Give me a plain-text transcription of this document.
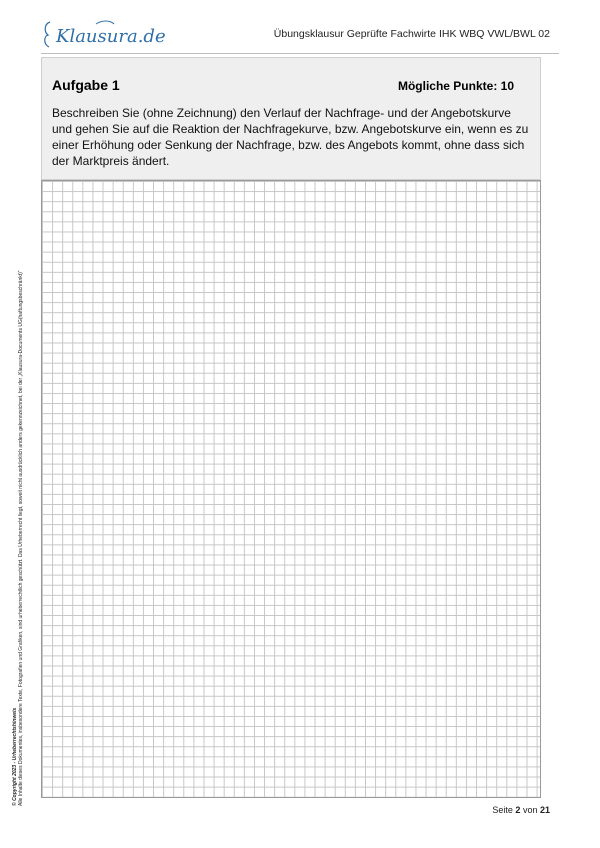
Klausura.de	Übungsklausur Geprüfte Fachwirte IHK WBQ VWL/BWL 02
Aufgabe 1	Mögliche Punkte: 10
Beschreiben Sie (ohne Zeichnung) den Verlauf der Nachfrage- und der Angebotskurve und gehen Sie auf die Reaktion der Nachfragekurve, bzw. Angebotskurve ein, wenn es zu einer Erhöhung oder Senkung der Nachfrage, bzw. des Angebots kommt, ohne dass sich der Marktpreis ändert.
© Copyright 2023 - Urheberrechtshinweis Alle Inhalte dieses Dokumentes, insbesondere Texte, Fotografien und Grafiken, sind urheberrechtlich geschützt. Das Urheberrecht liegt, soweit nicht ausdrücklich anders gekennzeichnet, bei der „Klausura-Documents UG(haftungsbeschränkt)“
Seite 2 von 21
